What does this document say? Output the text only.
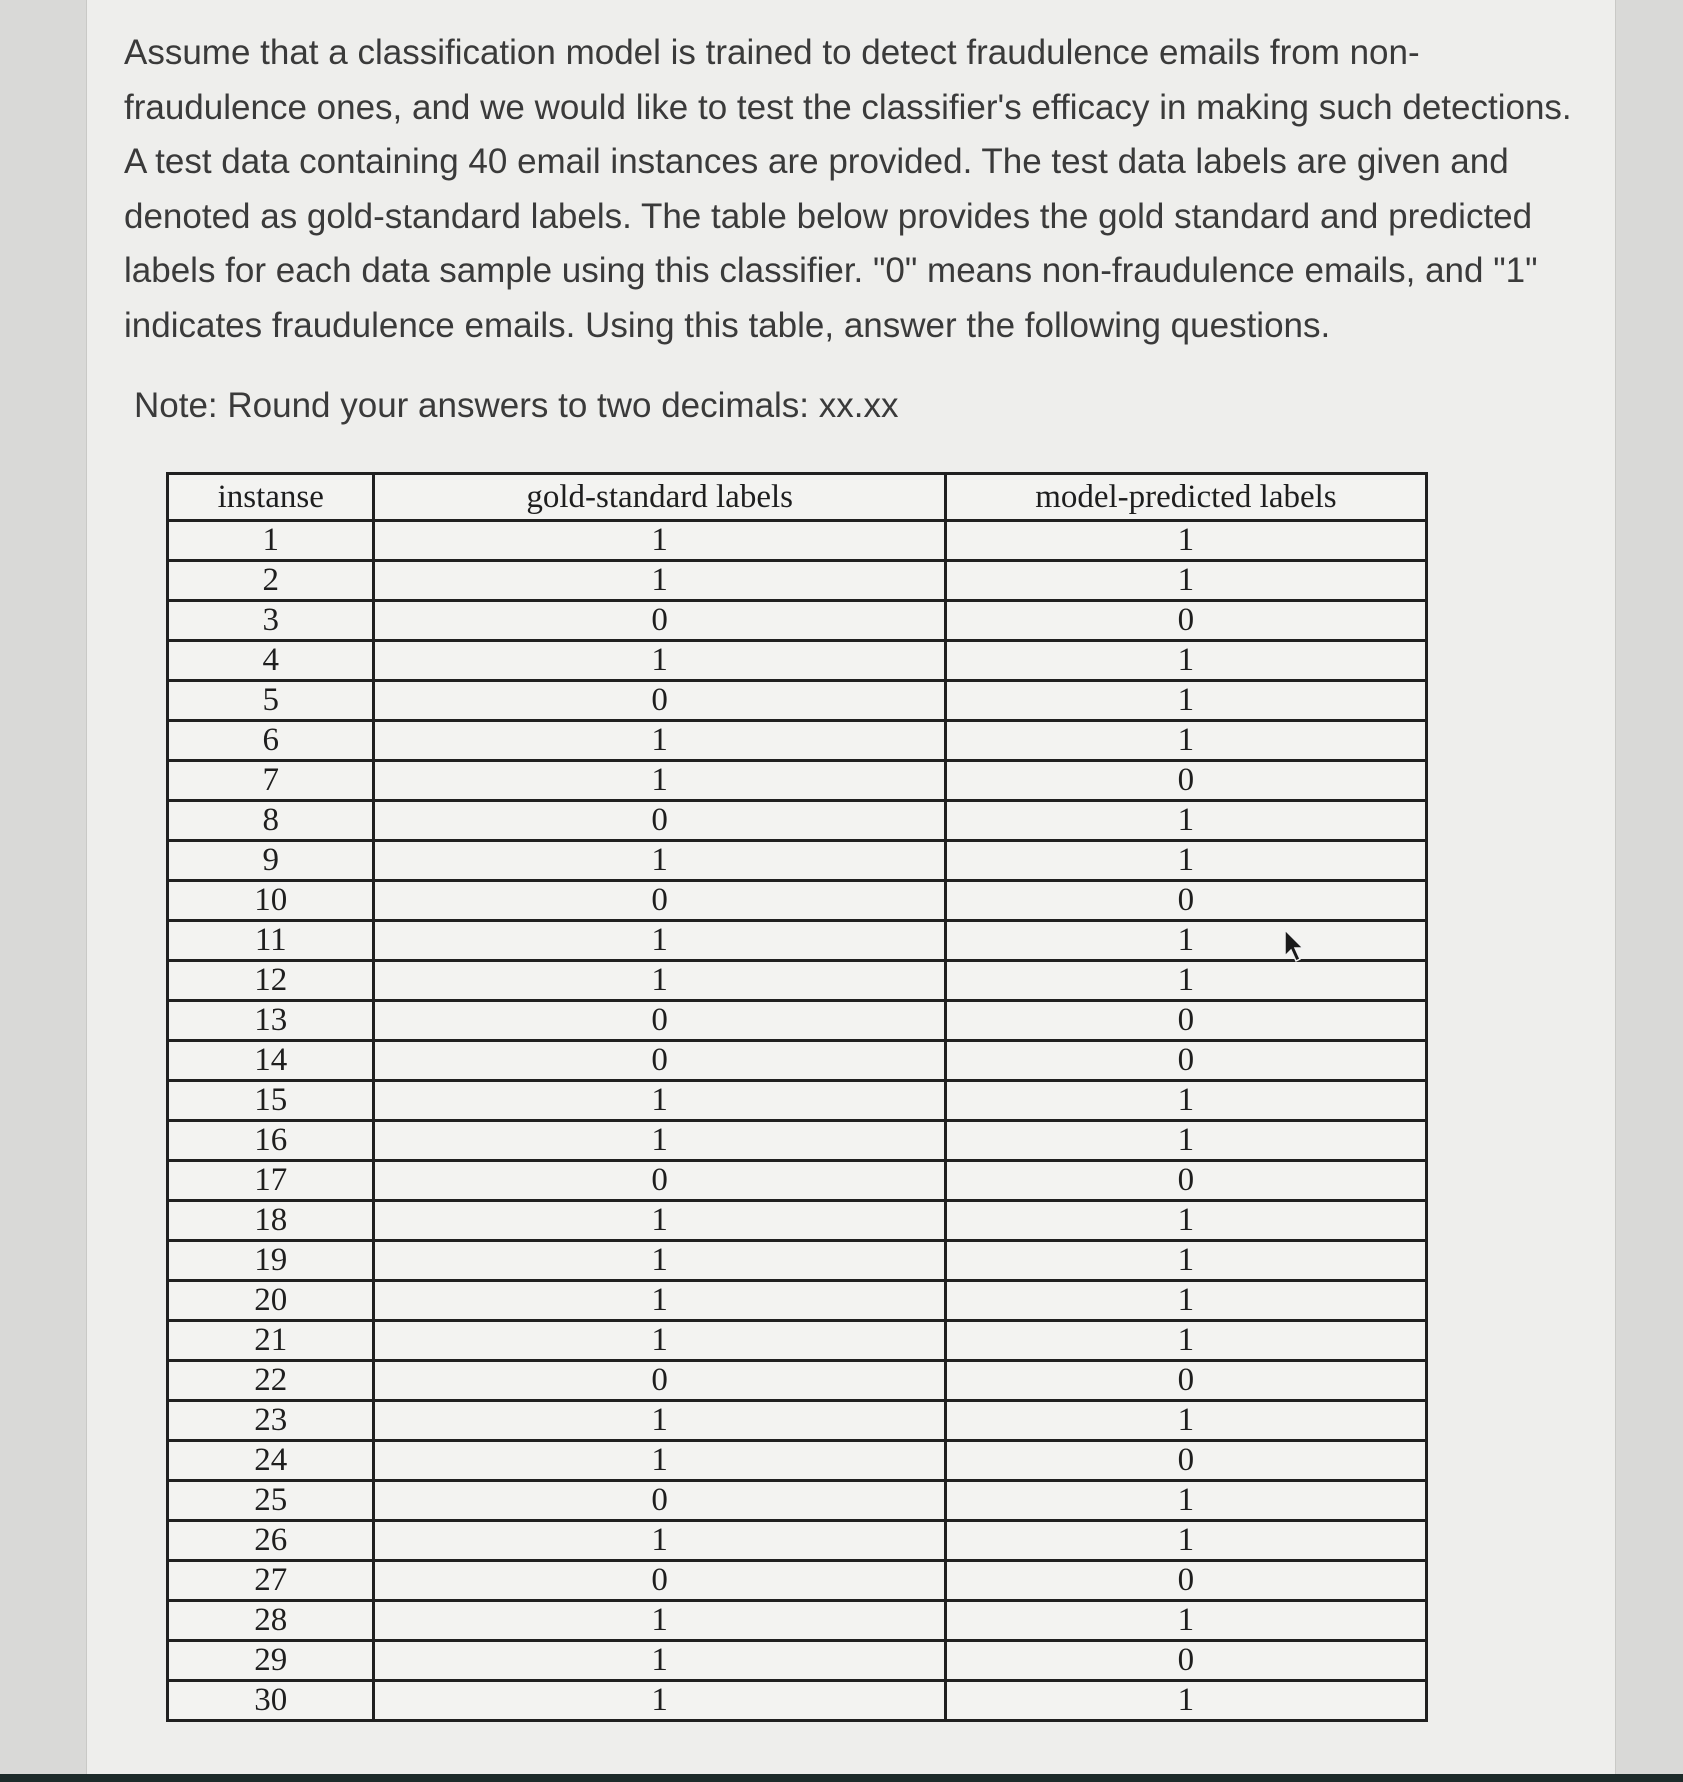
Assume that a classification model is trained to detect fraudulence emails from non-fraudulence ones, and we would like to test the classifier's efficacy in making such detections. A test data containing 40 email instances are provided. The test data labels are given and denoted as gold-standard labels. The table below provides the gold standard and predicted labels for each data sample using this classifier. "0" means non-fraudulence emails, and "1" indicates fraudulence emails. Using this table, answer the following questions.

Note: Round your answers to two decimals: xx.xx

instanse	gold-standard labels	model-predicted labels
1	1	1
2	1	1
3	0	0
4	1	1
5	0	1
6	1	1
7	1	0
8	0	1
9	1	1
10	0	0
11	1	1
12	1	1
13	0	0
14	0	0
15	1	1
16	1	1
17	0	0
18	1	1
19	1	1
20	1	1
21	1	1
22	0	0
23	1	1
24	1	0
25	0	1
26	1	1
27	0	0
28	1	1
29	1	0
30	1	1
